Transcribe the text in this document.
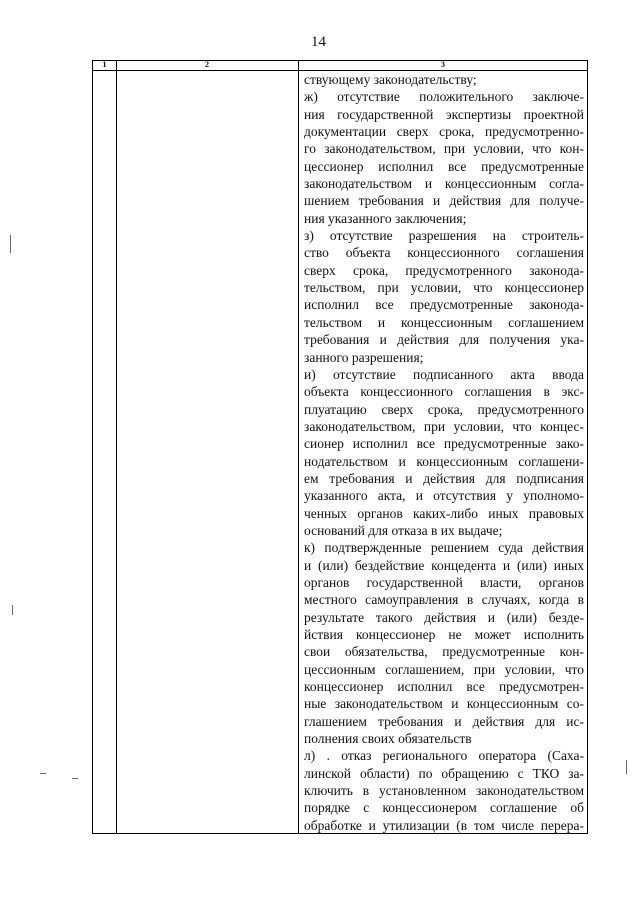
14
1	2	3
ствующему законодательству;
ж) отсутствие положительного заключе-
ния государственной экспертизы проектной
документации сверх срока, предусмотренно-
го законодательством, при условии, что кон-
цессионер исполнил все предусмотренные
законодательством и концессионным согла-
шением требования и действия для получе-
ния указанного заключения;
з) отсутствие разрешения на строитель-
ство объекта концессионного соглашения
сверх срока, предусмотренного законода-
тельством, при условии, что концессионер
исполнил все предусмотренные законода-
тельством и концессионным соглашением
требования и действия для получения ука-
занного разрешения;
и) отсутствие подписанного акта ввода
объекта концессионного соглашения в экс-
плуатацию сверх срока, предусмотренного
законодательством, при условии, что концес-
сионер исполнил все предусмотренные зако-
нодательством и концессионным соглашени-
ем требования и действия для подписания
указанного акта, и отсутствия у уполномо-
ченных органов каких-либо иных правовых
оснований для отказа в их выдаче;
к) подтвержденные решением суда действия
и (или) бездействие концедента и (или) иных
органов государственной власти, органов
местного самоуправления в случаях, когда в
результате такого действия и (или) безде-
йствия концессионер не может исполнить
свои обязательства, предусмотренные кон-
цессионным соглашением, при условии, что
концессионер исполнил все предусмотрен-
ные законодательством и концессионным со-
глашением требования и действия для ис-
полнения своих обязательств
л) . отказ регионального оператора (Саха-
линской области) по обращению с ТКО за-
ключить в установленном законодательством
порядке с концессионером соглашение об
обработке и утилизации (в том числе перера-
